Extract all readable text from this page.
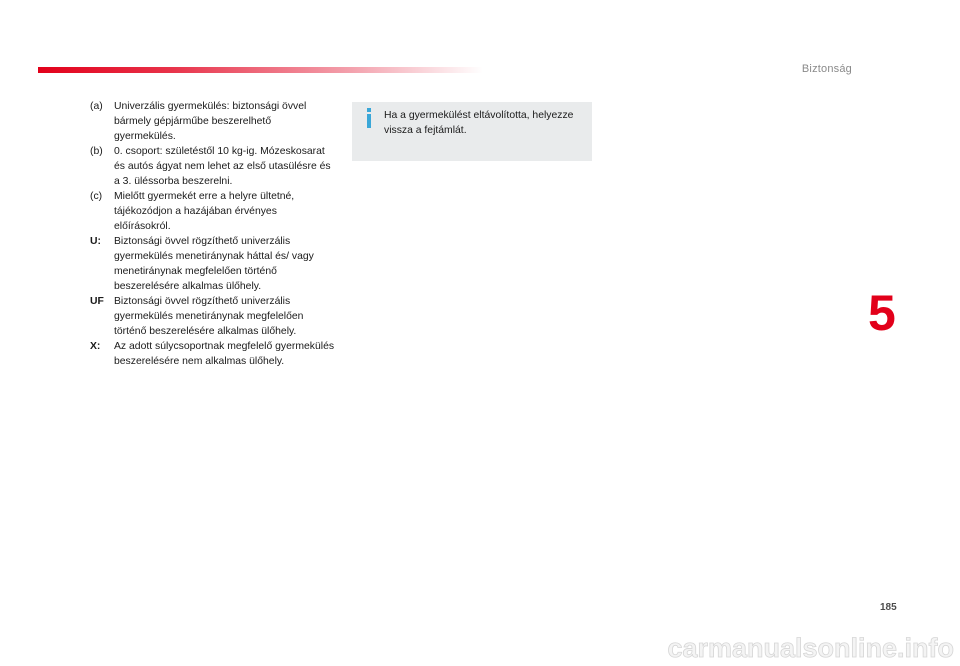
Biztonság
(a)	Univerzális gyermekülés: biztonsági övvel bármely gépjárműbe beszerelhető gyermekülés.
(b)	0. csoport: születéstől 10 kg-ig. Mózeskosarat és autós ágyat nem lehet az első utasülésre és a 3. üléssorba beszerelni.
(c)	Mielőtt gyermekét erre a helyre ültetné, tájékozódjon a hazájában érvényes előírásokról.
U:	Biztonsági övvel rögzíthető univerzális gyermekülés menetiránynak háttal és/ vagy menetiránynak megfelelően történő beszerelésére alkalmas ülőhely.
UF Biztonsági övvel rögzíthető univerzális gyermekülés menetiránynak megfelelően történő beszerelésére alkalmas ülőhely.
X:	Az adott súlycsoportnak megfelelő gyermekülés beszerelésére nem alkalmas ülőhely.
Ha a gyermekülést eltávolította, helyezze vissza a fejtámlát.
5
185
carmanualsonline.info
